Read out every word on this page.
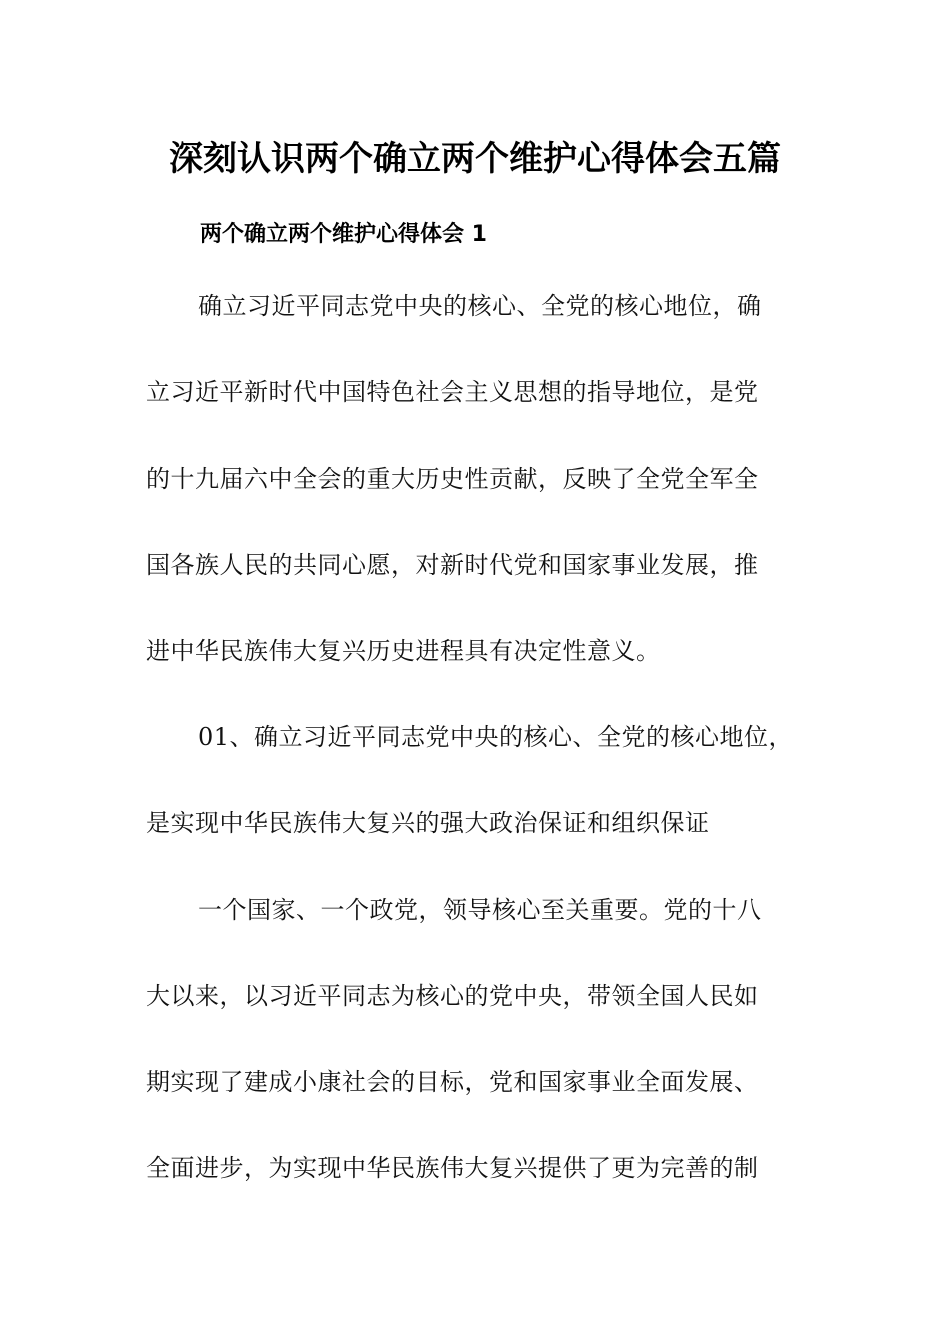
深刻认识两个确立两个维护心得体会五篇
两个确立两个维护心得体会 1
确立习近平同志党中央的核心、全党的核心地位，确
立习近平新时代中国特色社会主义思想的指导地位，是党
的十九届六中全会的重大历史性贡献，反映了全党全军全
国各族人民的共同心愿，对新时代党和国家事业发展，推
进中华民族伟大复兴历史进程具有决定性意义。
01、确立习近平同志党中央的核心、全党的核心地位，
是实现中华民族伟大复兴的强大政治保证和组织保证
一个国家、一个政党，领导核心至关重要。党的十八
大以来，以习近平同志为核心的党中央，带领全国人民如
期实现了建成小康社会的目标，党和国家事业全面发展、
全面进步，为实现中华民族伟大复兴提供了更为完善的制
